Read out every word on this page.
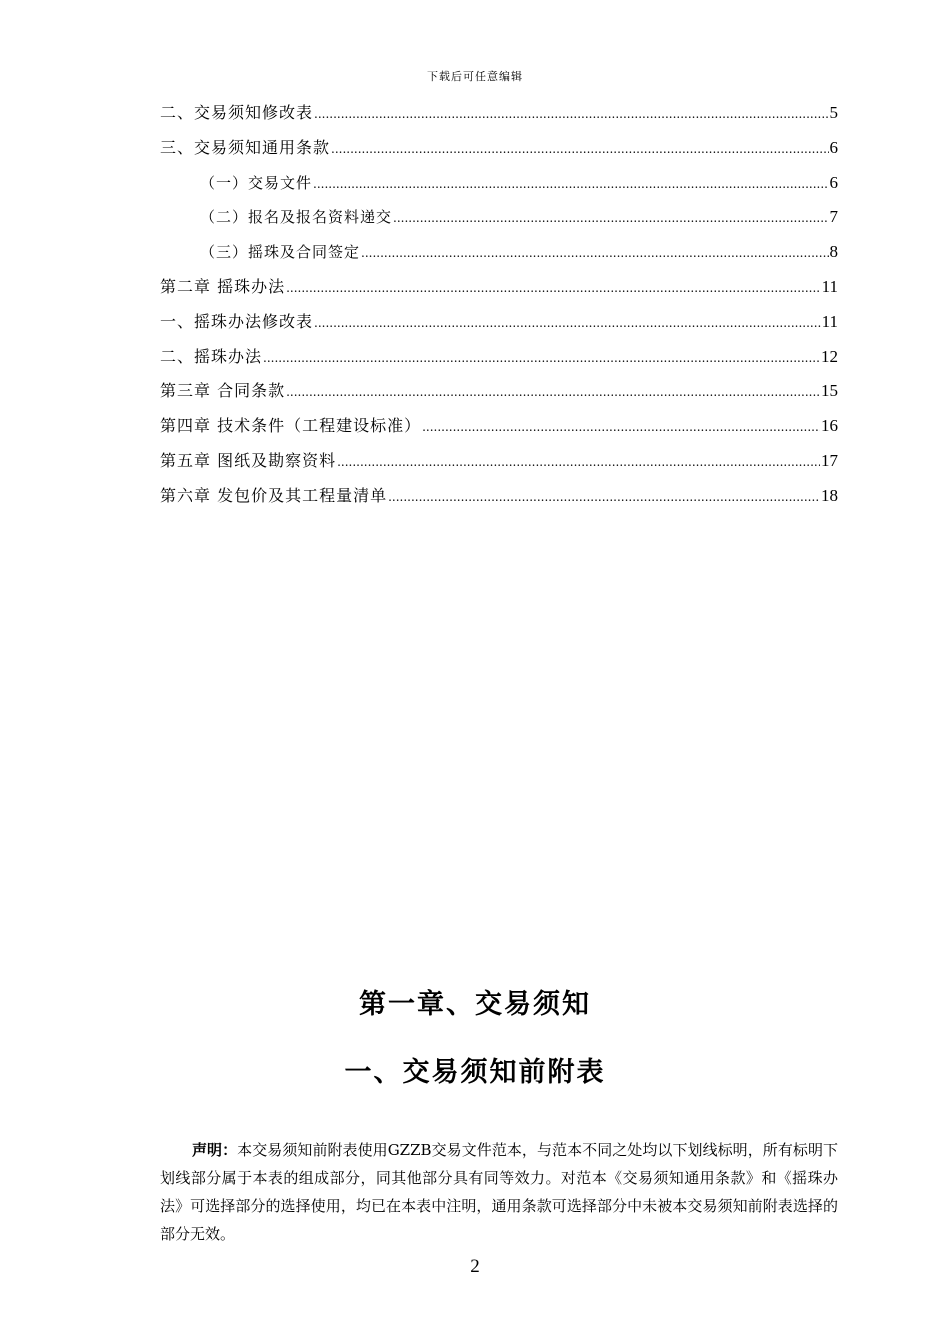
下载后可任意编辑
二、交易须知修改表 .....	5
三、交易须知通用条款 .....	6
（一）交易文件 .....	6
（二）报名及报名资料递交 .....	7
（三）摇珠及合同签定 .....	8
第二章 摇珠办法 .....	11
一、摇珠办法修改表 .....	11
二、摇珠办法 .....	12
第三章 合同条款 .....	15
第四章 技术条件（工程建设标准） .....	16
第五章 图纸及勘察资料 .....	17
第六章 发包价及其工程量清单 .....	18
第一章、交易须知
一、交易须知前附表
声明：本交易须知前附表使用GZZB交易文件范本，与范本不同之处均以下划线标明，所有标明下划线部分属于本表的组成部分，同其他部分具有同等效力。对范本《交易须知通用条款》和《摇珠办法》可选择部分的选择使用，均已在本表中注明，通用条款可选择部分中未被本交易须知前附表选择的部分无效。
2
